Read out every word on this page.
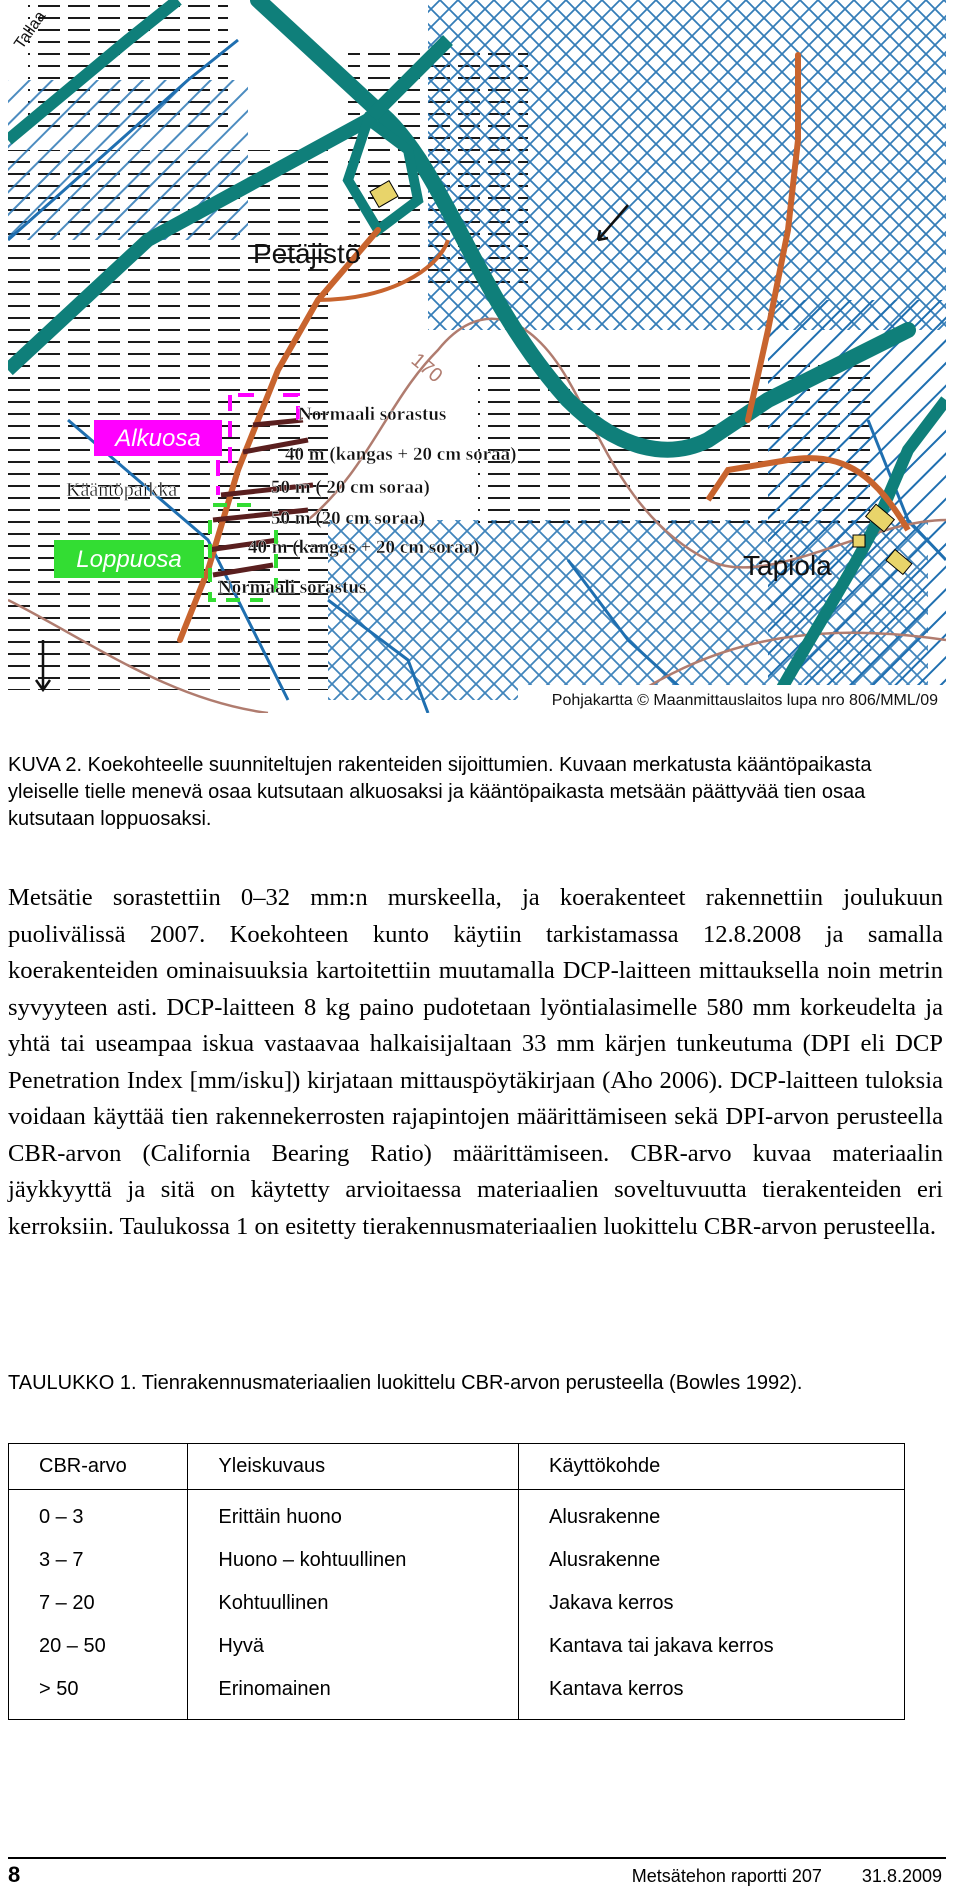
Petäjistö
Tapiola
170
Tallaa
Kääntöpaikka
Normaali sorastus
40 m (kangas + 20 cm soraa)
50 m ( 20 cm soraa)
50 m (20 cm soraa)
40 m (kangas + 20 cm soraa)
Normaali sorastus
Alkuosa
Loppuosa
Pohjakartta © Maanmittauslaitos lupa nro 806/MML/09
KUVA 2. Koekohteelle suunniteltujen rakenteiden sijoittumien. Kuvaan merkatusta kääntöpaikasta yleiselle tielle menevä osaa kutsutaan alkuosaksi ja kääntöpaikasta metsään päättyvää tien osaa kutsutaan loppuosaksi.

Metsätie sorastettiin 0–32 mm:n murskeella, ja koerakenteet rakennettiin joulukuun puolivälissä 2007. Koekohteen kunto käytiin tarkistamassa 12.8.2008 ja samalla koerakenteiden ominaisuuksia kartoitettiin muutamalla DCP-laitteen mittauksella noin metrin syvyyteen asti. DCP-laitteen 8 kg paino pudotetaan lyöntialasimelle 580 mm korkeudelta ja yhtä tai useampaa iskua vastaavaa halkaisijaltaan 33 mm kärjen tunkeutuma (DPI eli DCP Penetration Index [mm/isku]) kirjataan mittauspöytäkirjaan (Aho 2006). DCP-laitteen tuloksia voidaan käyttää tien rakennekerrosten rajapintojen määrittämiseen sekä DPI-arvon perusteella CBR-arvon (California Bearing Ratio) määrittämiseen. CBR-arvo kuvaa materiaalin jäykkyyttä ja sitä on käytetty arvioitaessa materiaalien soveltuvuutta tierakenteiden eri kerroksiin. Taulukossa 1 on esitetty tierakennusmateriaalien luokittelu CBR-arvon perusteella.

TAULUKKO 1. Tienrakennusmateriaalien luokittelu CBR-arvon perusteella (Bowles 1992).
CBR-arvo	Yleiskuvaus	Käyttökohde
0 – 3	Erittäin huono	Alusrakenne
3 – 7	Huono – kohtuullinen	Alusrakenne
7 – 20	Kohtuullinen	Jakava kerros
20 – 50	Hyvä	Kantava tai jakava kerros
> 50	Erinomainen	Kantava kerros
8	Metsätehon raportti 207 31.8.2009
